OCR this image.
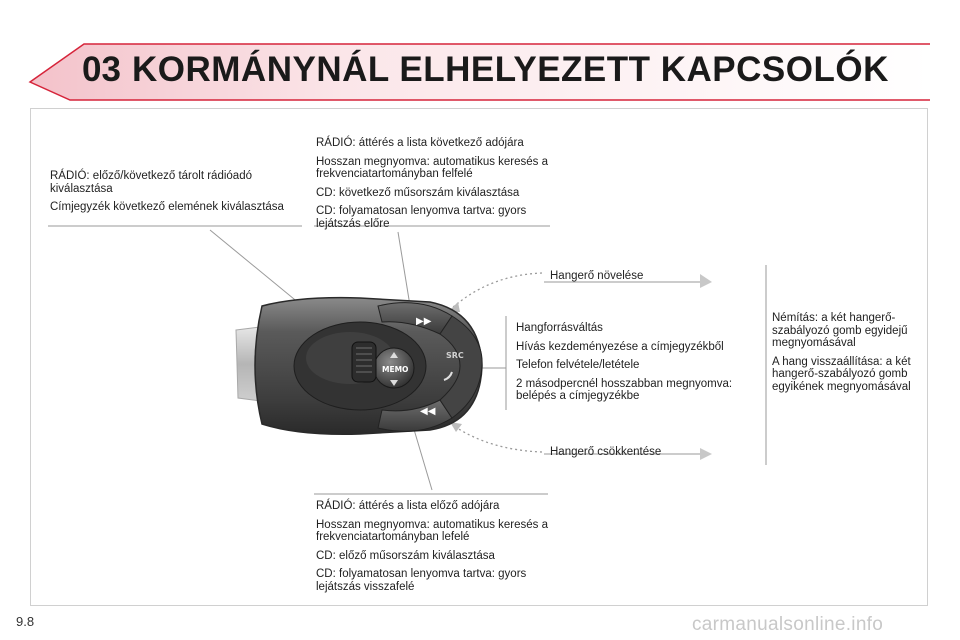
03 KORMÁNYNÁL ELHELYEZETT KAPCSOLÓK
▶▶
◀◀
SRC
MEMO

RÁDIÓ: előző/következő tárolt rádióadó kiválasztása

Címjegyzék következő elemének kiválasztása

RÁDIÓ: áttérés a lista következő adójára

Hosszan megnyomva: automatikus keresés a frekvenciatartományban felfelé

CD: következő műsorszám kiválasztása

CD: folyamatosan lenyomva tartva: gyors lejátszás előre

Hangerő növelése

Hangforrásváltás

Hívás kezdeményezése a címjegyzékből

Telefon felvétele/letétele

2 másodpercnél hosszabban megnyomva: belépés a címjegyzékbe

Némítás: a két hangerő-szabályozó gomb egyidejű megnyomásával

A hang visszaállítása: a két hangerő-szabályozó gomb egyikének megnyomásával

Hangerő csökkentése

RÁDIÓ: áttérés a lista előző adójára

Hosszan megnyomva: automatikus keresés a frekvenciatartományban lefelé

CD: előző műsorszám kiválasztása

CD: folyamatosan lenyomva tartva: gyors lejátszás visszafelé

9.8	carmanualsonline.info
